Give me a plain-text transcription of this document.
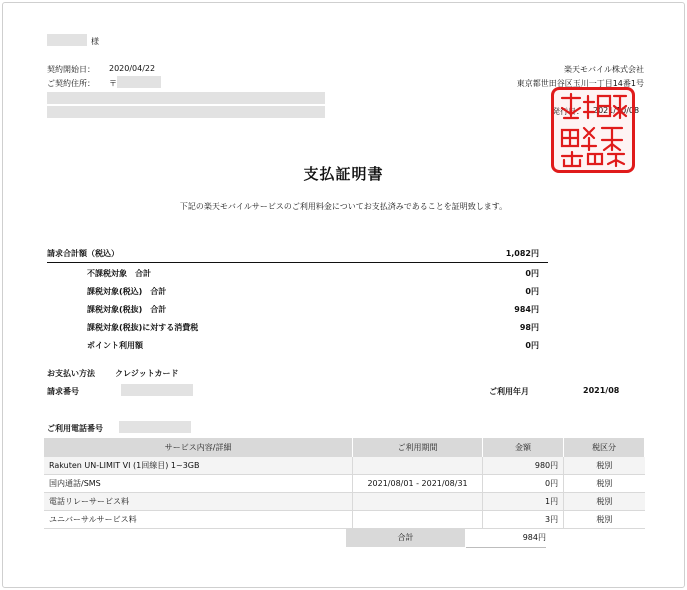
様
契約開始日： 2020/04/22
ご契約住所： 〒
楽天モバイル株式会社
東京都世田谷区玉川一丁目14番1号
発行日： 2021/10/08
支払証明書
下記の楽天モバイルサービスのご利用料金についてお支払済みであることを証明致します。
請求合計額（税込）	1,082円
不課税対象　合計	0円
課税対象(税込)　合計	0円
課税対象(税抜)　合計	984円
課税対象(税抜)に対する消費税	98円
ポイント利用額	0円
お支払い方法	クレジットカード
請求番号	ご利用年月	2021/08
ご利用電話番号
サービス内容/詳細	ご利用期間	金額	税区分
Rakuten UN-LIMIT VI (1回線目) 1~3GB		980円	税別
国内通話/SMS	2021/08/01 - 2021/08/31	0円	税別
電話リレーサービス料		1円	税別
ユニバーサルサービス料		3円	税別
合計	984円
